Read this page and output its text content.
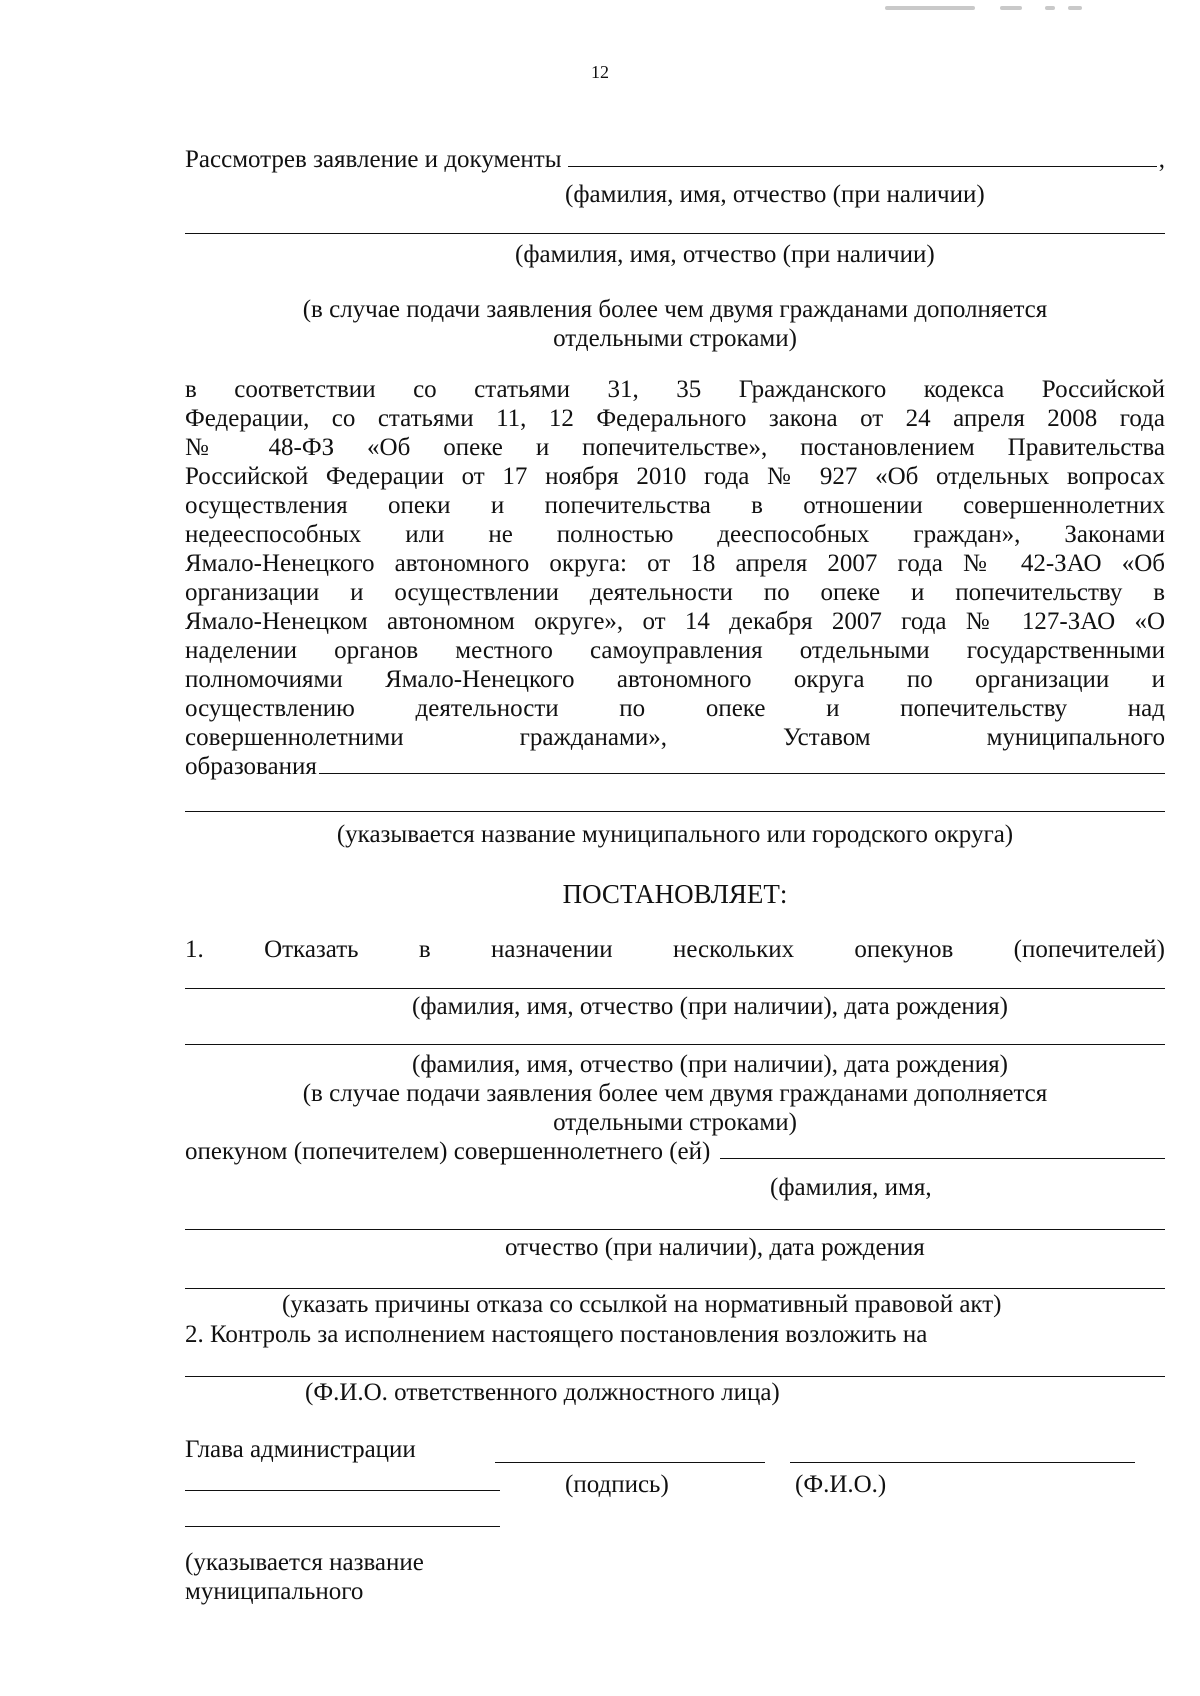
12
Рассмотрев заявление и документы	,
(фамилия, имя, отчество (при наличии)
(фамилия, имя, отчество (при наличии)
(в случае подачи заявления более чем двумя гражданами дополняется
отдельными строками)
в соответствии со статьями 31, 35 Гражданского кодекса Российской
Федерации, со статьями 11, 12 Федерального закона от 24 апреля 2008 года
№ 48-ФЗ «Об опеке и попечительстве», постановлением Правительства
Российской Федерации от 17 ноября 2010 года № 927 «Об отдельных вопросах
осуществления опеки и попечительства в отношении совершеннолетних
недееспособных или не полностью дееспособных граждан», Законами
Ямало-Ненецкого автономного округа: от 18 апреля 2007 года № 42-ЗАО «Об
организации и осуществлении деятельности по опеке и попечительству в
Ямало-Ненецком автономном округе», от 14 декабря 2007 года № 127-ЗАО «О
наделении органов местного самоуправления отдельными государственными
полномочиями Ямало-Ненецкого автономного округа по организации и
осуществлению деятельности по опеке и попечительству над
совершеннолетними гражданами», Уставом муниципального
образования
(указывается название муниципального или городского округа)
ПОСТАНОВЛЯЕТ:
1. Отказать в назначении нескольких опекунов (попечителей)
(фамилия, имя, отчество (при наличии), дата рождения)
(фамилия, имя, отчество (при наличии), дата рождения)
(в случае подачи заявления более чем двумя гражданами дополняется
отдельными строками)
опекуном (попечителем) совершеннолетнего (ей)
(фамилия, имя,
отчество (при наличии), дата рождения
(указать причины отказа со ссылкой на нормативный правовой акт)
2. Контроль за исполнением настоящего постановления возложить на
(Ф.И.О. ответственного должностного лица)
Глава администрации
(подпись)	(Ф.И.О.)
(указывается название
муниципального
